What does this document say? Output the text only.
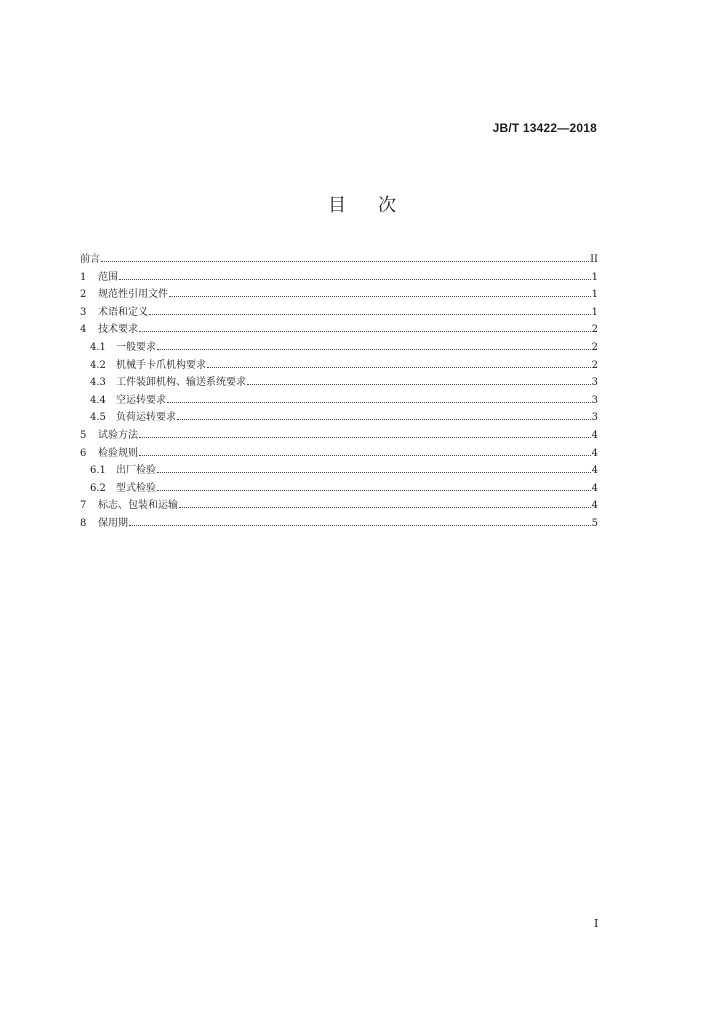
JB/T 13422—2018
目次
前言	II
1	范围	1
2	规范性引用文件	1
3	术语和定义	1
4	技术要求	2
4.1	一般要求	2
4.2	机械手卡爪机构要求	2
4.3	工件装卸机构、输送系统要求	3
4.4	空运转要求	3
4.5	负荷运转要求	3
5	试验方法	4
6	检验规则	4
6.1	出厂检验	4
6.2	型式检验	4
7	标志、包装和运输	4
8	保用期	5
I
